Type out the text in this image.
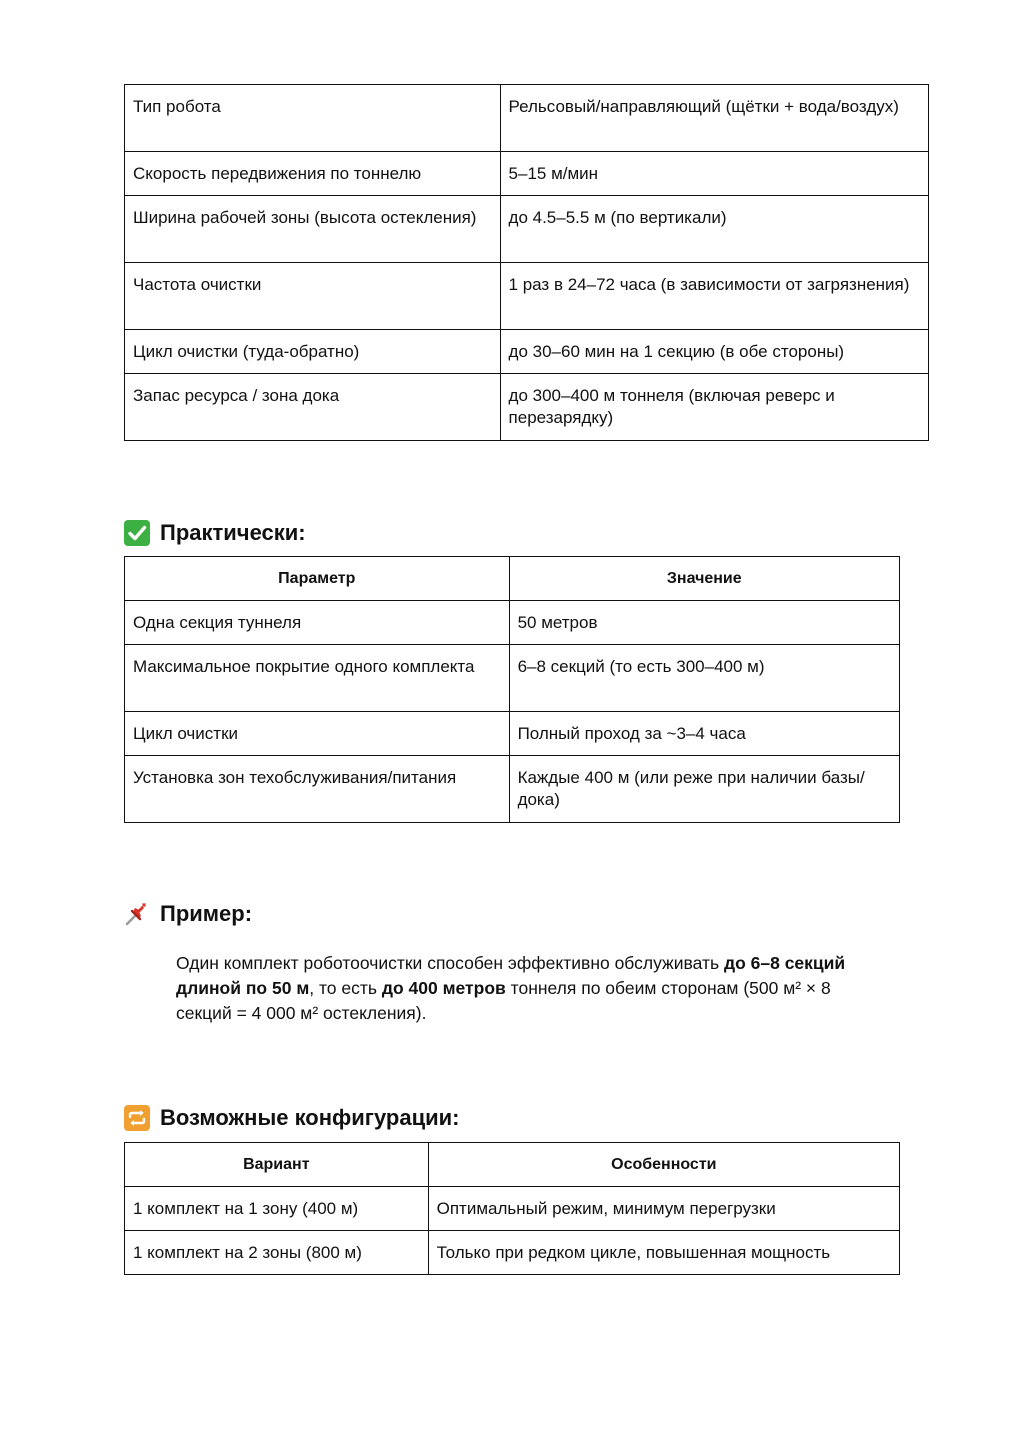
Тип робота	Рельсовый/направляющий (щётки + вода/воздух)
Скорость передвижения по тоннелю	5–15 м/мин
Ширина рабочей зоны (высота остекления)	до 4.5–5.5 м (по вертикали)
Частота очистки	1 раз в 24–72 часа (в зависимости от загрязнения)
Цикл очистки (туда-обратно)	до 30–60 мин на 1 секцию (в обе стороны)
Запас ресурса / зона дока	до 300–400 м тоннеля (включая реверс и перезарядку)
Практически:
Параметр	Значение
Одна секция туннеля	50 метров
Максимальное покрытие одного комплекта	6–8 секций (то есть 300–400 м)
Цикл очистки	Полный проход за ~3–4 часа
Установка зон техобслуживания/питания	Каждые 400 м (или реже при наличии базы/дока)
Пример:

Один комплект роботоочистки способен эффективно обслуживать до 6–8 секций длиной по 50 м, то есть до 400 метров тоннеля по обеим сторонам (500 м² × 8 секций = 4 000 м² остекления).

Возможные конфигурации:
Вариант	Особенности
1 комплект на 1 зону (400 м)	Оптимальный режим, минимум перегрузки
1 комплект на 2 зоны (800 м)	Только при редком цикле, повышенная мощность
